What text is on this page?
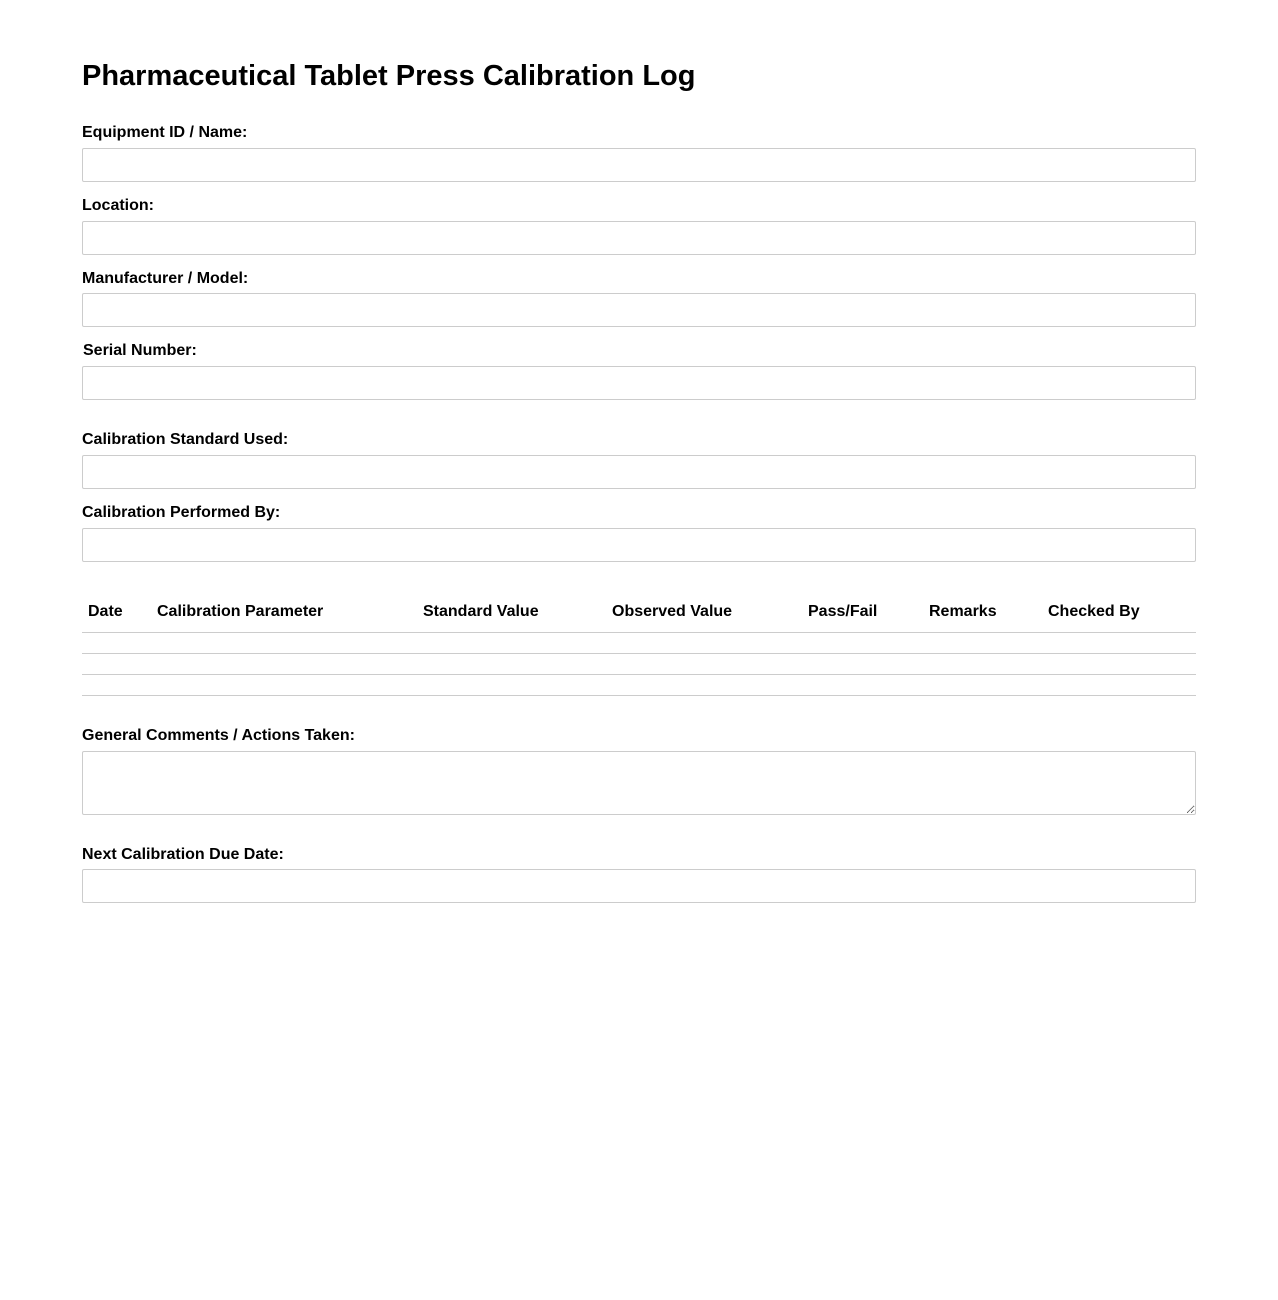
Pharmaceutical Tablet Press Calibration Log
Equipment ID / Name:
Location:
Manufacturer / Model:
Serial Number:
Calibration Standard Used:
Calibration Performed By:
Date	Calibration Parameter	Standard Value	Observed Value	Pass/Fail	Remarks	Checked By

General Comments / Actions Taken:
Next Calibration Due Date:
